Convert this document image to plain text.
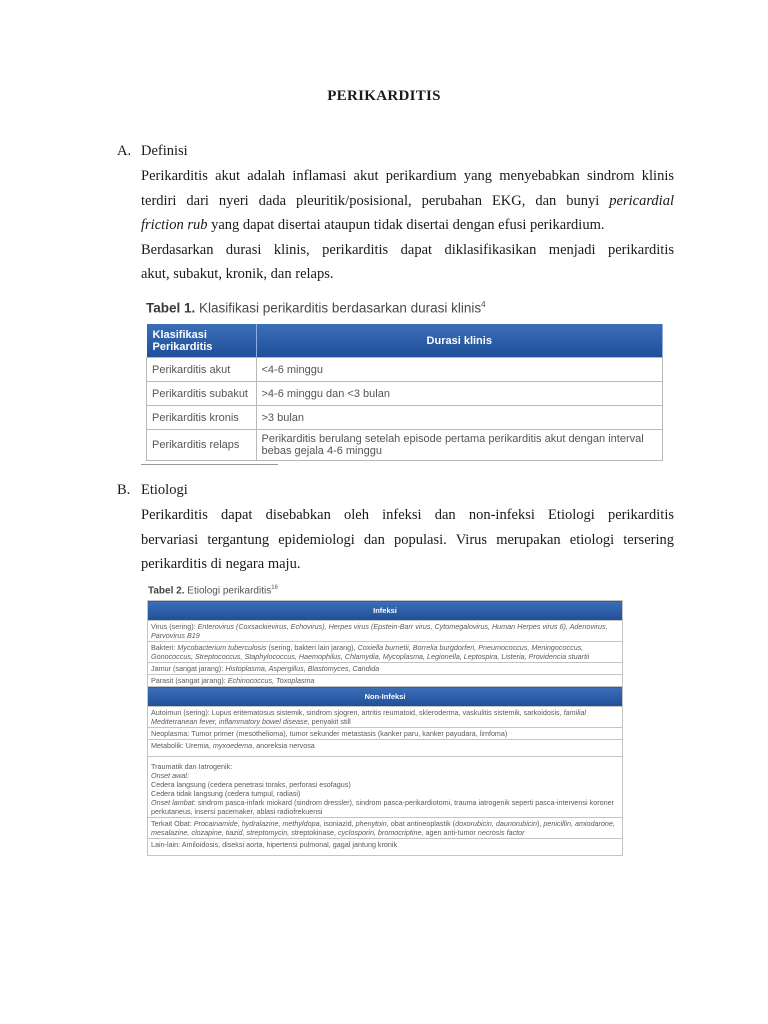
PERIKARDITIS
A. Definisi

Perikarditis akut adalah inflamasi akut perikardium yang menyebabkan sindrom klinis
terdiri dari nyeri dada pleuritik/posisional, perubahan EKG, dan bunyi pericardial
friction rub yang dapat disertai ataupun tidak disertai dengan efusi perikardium.
Berdasarkan durasi klinis, perikarditis dapat diklasifikasikan menjadi perikarditis
akut, subakut, kronik, dan relaps.

Tabel 1. Klasifikasi perikarditis berdasarkan durasi klinis$^4$
Klasifikasi Perikarditis	Durasi klinis
Perikarditis akut	<4-6 minggu
Perikarditis subakut	>4-6 minggu dan <3 bulan
Perikarditis kronis	>3 bulan
Perikarditis relaps	Perikarditis berulang setelah episode pertama perikarditis akut dengan interval bebas gejala 4-6 minggu
B. Etiologi

Perikarditis dapat disebabkan oleh infeksi dan non-infeksi Etiologi perikarditis
bervariasi tergantung epidemiologi dan populasi. Virus merupakan etiologi tersering
perikarditis di negara maju.

Tabel 2. Etiologi perikarditis$^{16}$
Infeksi
Virus (sering): Enterovirus (Coxsackievirus, Echovirus), Herpes virus (Epstein-Barr virus, Cytomegalovirus, Human Herpes virus 6), Adenovirus, Parvovirus B19
Bakteri: Mycobacterium tuberculosis (sering, bakteri lain jarang), Coxiella burnetii, Borrelia burgdorferi, Pneumococcus, Meningococcus, Gonococcus, Streptococcus, Staphylococcus, Haemophilus, Chlamydia, Mycoplasma, Legionella, Leptospira, Listeria, Providencia stuartii
Jamur (sangat jarang): Histoplasma, Aspergillus, Blastomyces, Candida
Parasit (sangat jarang): Echinococcus, Toxoplasma
Non-Infeksi
Autoimun (sering): Lupus eritematosus sistemik, sindrom sjogren, artritis reumatoid, skleroderma, vaskulitis sistemik, sarkoidosis, familial Mediterranean fever, inflammatory bowel disease, penyakit still
Neoplasma: Tumor primer (mesothelioma), tumor sekunder metastasis (kanker paru, kanker payudara, limfoma)
Metabolik: Uremia, myxoedema, anoreksia nervosa

Traumatik dan Iatrogenik:
Onset awal:
Cedera langsung (cedera penetrasi toraks, perforasi esofagus)
Cedera tidak langsung (cedera tumpul, radiasi)
Onset lambat: sindrom pasca-infark miokard (sindrom dressler), sindrom pasca-perikardiotomi, trauma iatrogenik seperti pasca-intervensi koroner perkutaneus, insersi pacemaker, ablasi radiofrekuensi

Terkait Obat: Procainamide, hydralazine, methyldopa, isoniazid, phenytoin, obat antineoplastik (doxorubicin, daunorubicin), penicillin, amiodarone, mesalazine, clozapine, tiazid, streptomycin, streptokinase, cyclosporin, bromocriptine, agen anti-tumor necrosis factor
Lain-lain: Amiloidosis, diseksi aorta, hipertensi pulmonal, gagal jantung kronik
